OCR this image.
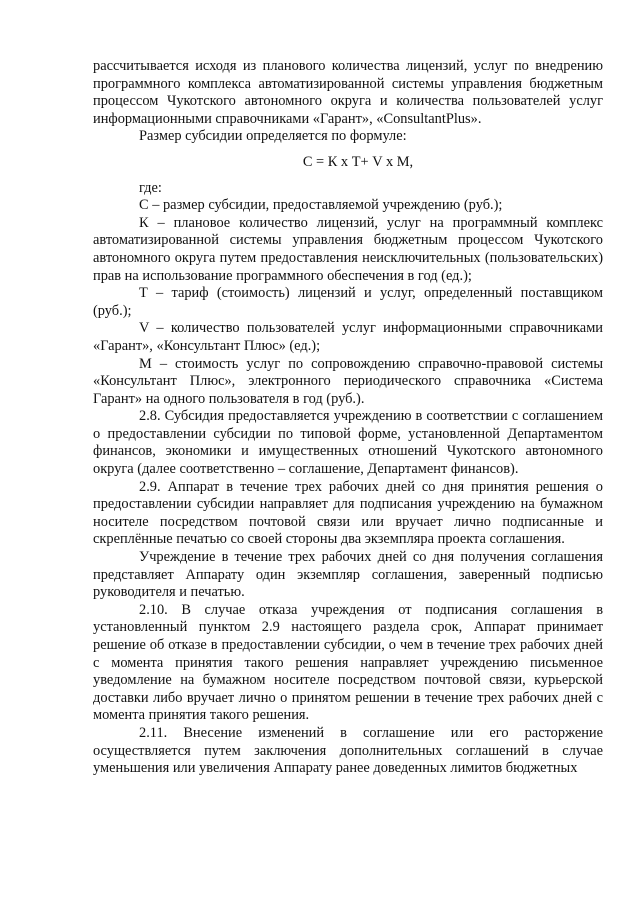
рассчитывается исходя из планового количества лицензий, услуг по внедрению программного комплекса автоматизированной системы управления бюджетным процессом Чукотского автономного округа и количества пользователей услуг информационными справочниками «Гарант», «ConsultantPlus».

Размер субсидии определяется по формуле:

С = К х Т+ V х М,

где:

С – размер субсидии, предоставляемой учреждению (руб.);

К – плановое количество лицензий, услуг на программный комплекс автоматизированной системы управления бюджетным процессом Чукотского автономного округа путем предоставления неисключительных (пользовательских) прав на использование программного обеспечения в год (ед.);

Т – тариф (стоимость) лицензий и услуг, определенный поставщиком (руб.);

V – количество пользователей услуг информационными справочниками «Гарант», «Консультант Плюс» (ед.);

М – стоимость услуг по сопровождению справочно-правовой системы «Консультант Плюс», электронного периодического справочника «Система Гарант» на одного пользователя в год (руб.).

2.8. Субсидия предоставляется учреждению в соответствии с соглашением о предоставлении субсидии по типовой форме, установленной Департаментом финансов, экономики и имущественных отношений Чукотского автономного округа (далее соответственно – соглашение, Департамент финансов).

2.9. Аппарат в течение трех рабочих дней со дня принятия решения о предоставлении субсидии направляет для подписания учреждению на бумажном носителе посредством почтовой связи или вручает лично подписанные и скреплённые печатью со своей стороны два экземпляра проекта соглашения.

Учреждение в течение трех рабочих дней со дня получения соглашения представляет Аппарату один экземпляр соглашения, заверенный подписью руководителя и печатью.

2.10. В случае отказа учреждения от подписания соглашения в установленный пунктом 2.9 настоящего раздела срок, Аппарат принимает решение об отказе в предоставлении субсидии, о чем в течение трех рабочих дней с момента принятия такого решения направляет учреждению письменное уведомление на бумажном носителе посредством почтовой связи, курьерской доставки либо вручает лично о принятом решении в течение трех рабочих дней с момента принятия такого решения.

2.11. Внесение изменений в соглашение или его расторжение осуществляется путем заключения дополнительных соглашений в случае уменьшения или увеличения Аппарату ранее доведенных лимитов бюджетных
